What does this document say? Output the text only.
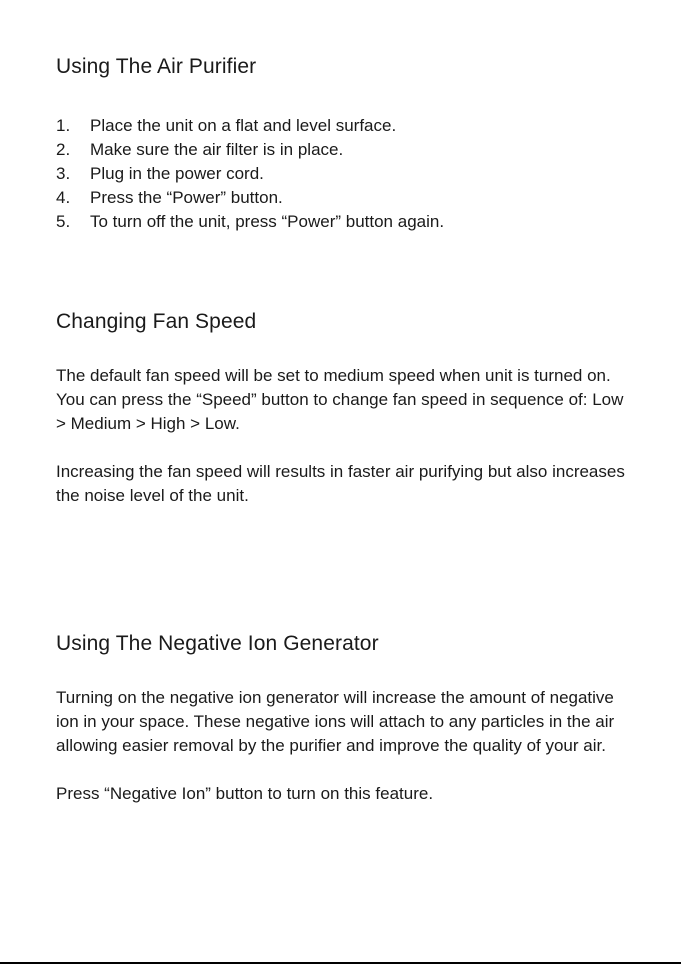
Using The Air Purifier
1.	Place the unit on a flat and level surface.
2.	Make sure the air filter is in place.
3.	Plug in the power cord.
4.	Press the “Power” button.
5.	To turn off the unit, press “Power” button again.
Changing Fan Speed

The default fan speed will be set to medium speed when unit is turned on. You can press the “Speed” button to change fan speed in sequence of: Low > Medium > High > Low.

Increasing the fan speed will results in faster air purifying but also increases the noise level of the unit.

Using The Negative Ion Generator

Turning on the negative ion generator will increase the amount of negative ion in your space. These negative ions will attach to any particles in the air allowing easier removal by the purifier and improve the quality of your air.

Press “Negative Ion” button to turn on this feature.
